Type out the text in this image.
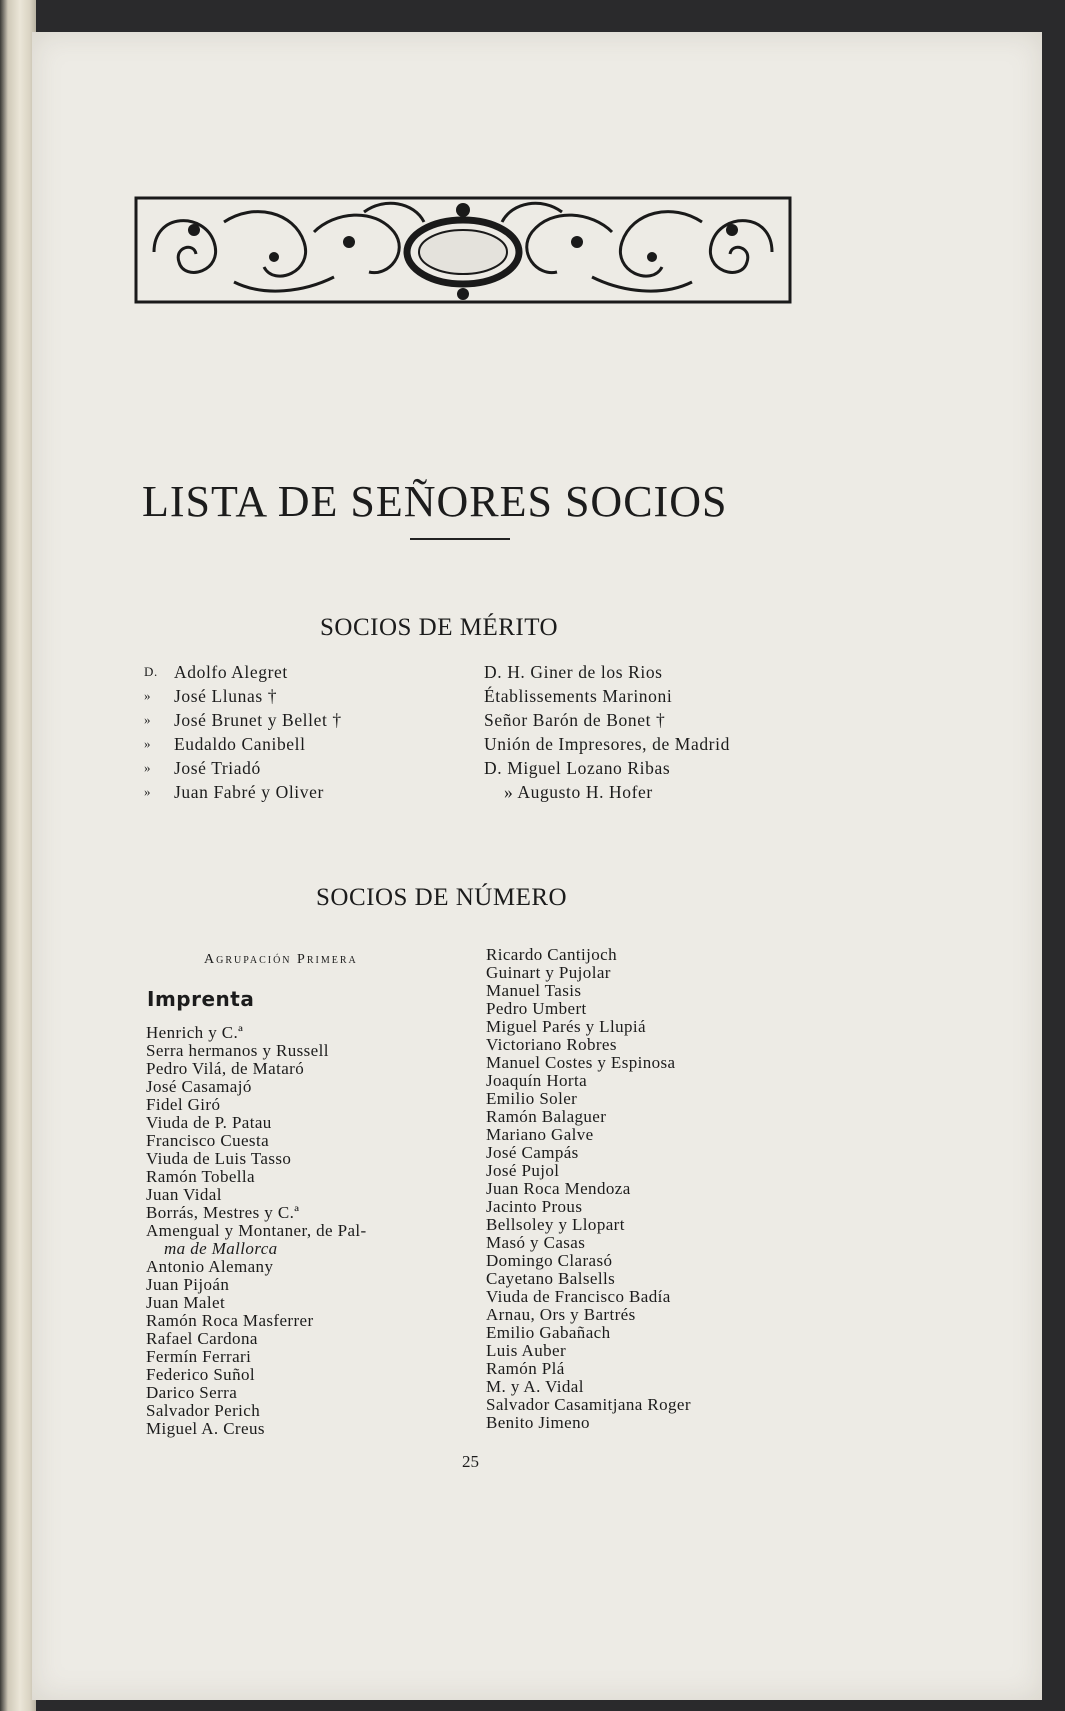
LISTA DE SEÑORES SOCIOS
SOCIOS DE MÉRITO
D. Adolfo Alegret
»	José Llunas †
»	José Brunet y Bellet †
»	Eudaldo Canibell
»	José Triadó
»	Juan Fabré y Oliver
D. H. Giner de los Rios
Établissements Marinoni
Señor Barón de Bonet †
Unión de Impresores, de Madrid
D. Miguel Lozano Ribas
» Augusto H. Hofer
SOCIOS DE NÚMERO
Agrupación Primera
Imprenta
Henrich y C.ª
Serra hermanos y Russell
Pedro Vilá, de Mataró
José Casamajó
Fidel Giró
Viuda de P. Patau
Francisco Cuesta
Viuda de Luis Tasso
Ramón Tobella
Juan Vidal
Borrás, Mestres y C.ª
Amengual y Montaner, de Pal-
ma de Mallorca
Antonio Alemany
Juan Pijoán
Juan Malet
Ramón Roca Masferrer
Rafael Cardona
Fermín Ferrari
Federico Suñol
Darico Serra
Salvador Perich
Miguel A. Creus
Ricardo Cantijoch
Guinart y Pujolar
Manuel Tasis
Pedro Umbert
Miguel Parés y Llupiá
Victoriano Robres
Manuel Costes y Espinosa
Joaquín Horta
Emilio Soler
Ramón Balaguer
Mariano Galve
José Campás
José Pujol
Juan Roca Mendoza
Jacinto Prous
Bellsoley y Llopart
Masó y Casas
Domingo Clarasó
Cayetano Balsells
Viuda de Francisco Badía
Arnau, Ors y Bartrés
Emilio Gabañach
Luis Auber
Ramón Plá
M. y A. Vidal
Salvador Casamitjana Roger
Benito Jimeno
25
